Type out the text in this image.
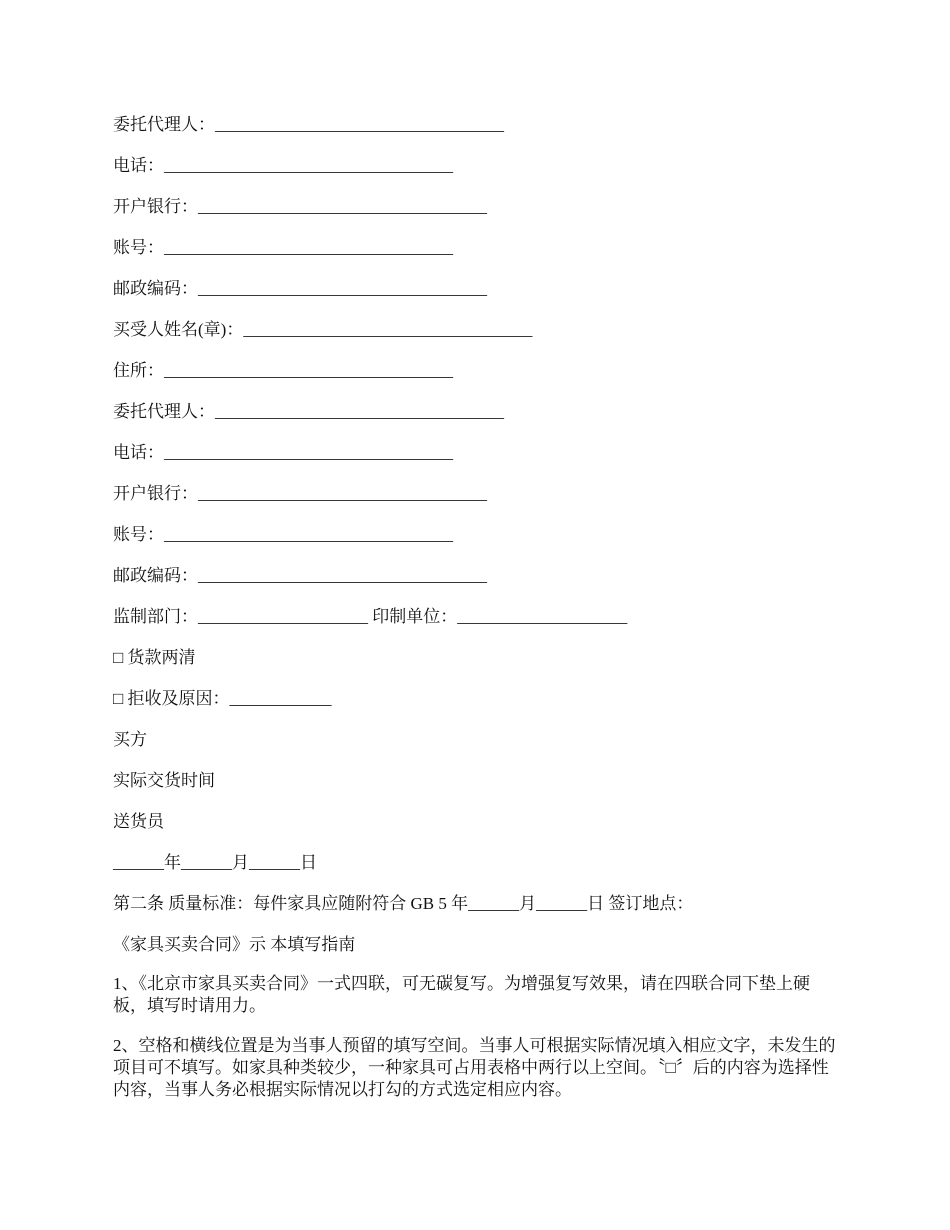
委托代理人：__________________________________
电话：__________________________________
开户银行：__________________________________
账号：__________________________________
邮政编码：__________________________________
买受人姓名(章)：__________________________________
住所：__________________________________
委托代理人：__________________________________
电话：__________________________________
开户银行：__________________________________
账号：__________________________________
邮政编码：__________________________________
监制部门：____________________ 印制单位：____________________
□ 货款两清
□ 拒收及原因：____________
买方
实际交货时间
送货员
______年______月______日
第二条 质量标准：每件家具应随附符合 GB 5 年______月______日 签订地点：
《家具买卖合同》示 本填写指南
1、《北京市家具买卖合同》一式四联，可无碳复写。为增强复写效果，请在四联合同下垫上硬板，填写时请用力。
2、空格和横线位置是为当事人预留的填写空间。当事人可根据实际情况填入相应文字，未发生的项目可不填写。如家具种类较少，一种家具可占用表格中两行以上空间。〝□〞后的内容为选择性内容，当事人务必根据实际情况以打勾的方式选定相应内容。
